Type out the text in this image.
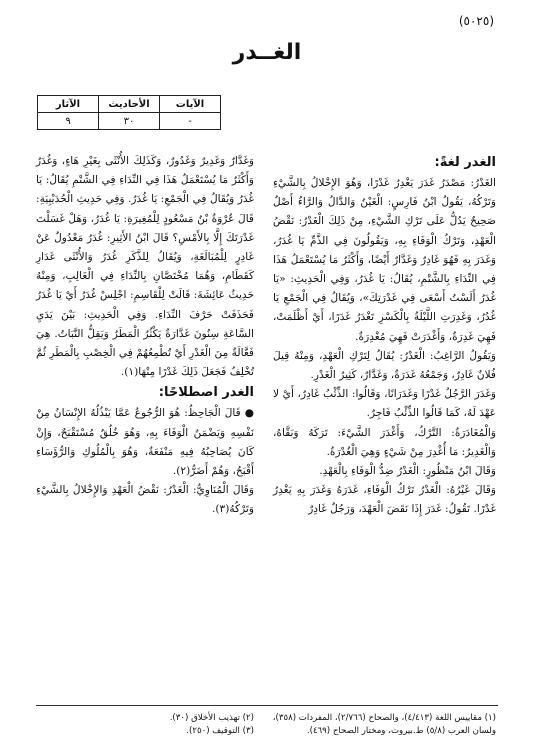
(٥٠٢٥)
الغــدر
الآيات	الأحاديث	الآثار
-	٣٠	٩
الغدر لغةً:

الغَدْرُ: مَصْدَرُ غَدَرَ يَغْدِرُ غَدْرًا، وَهُوَ الإِخْلالُ بِالشَّيْءِ وَتَرْكُهُ، يَقُولُ ابْنُ فَارِسٍ: الْغَيْنُ وَالدَّالُ وَالرَّاءُ أَصْلٌ صَحِيحٌ يَدُلُّ عَلَى تَرْكِ الشَّيْءِ، مِنْ ذَلِكَ الْغَدْرُ: نَقْضُ الْعَهْدِ، وَتَرْكُ الْوَفَاءِ بِهِ، وَيَقُولُونَ فِي الذَّمِّ يَا غُدَرُ، وَغَدَرَ بِهِ فَهُوَ غَادِرٌ وَغَدَّارٌ أَيْضًا، وَأَكْثَرُ مَا يُسْتَعْمَلُ هَذَا فِي النِّدَاءِ بِالشَّتْمِ، يُقَالُ: يَا غُدَرُ، وَفِي الْحَدِيثِ: «يَا غُدَرُ أَلَسْتُ أَسْعَى فِي غَدْرَتِكَ»، وَيُقَالُ فِي الْجَمْعِ يَا غُدُرُ، وَغَدِرَتِ اللَّيْلَةُ بِالْكَسْرِ تَغْدَرُ غَدَرًا، أَيْ أَظْلَمَتْ، فَهِيَ غَدِرَةٌ، وَأَغْدَرَتْ فَهِيَ مُغْدِرَةٌ.

وَيَقُولُ الرَّاغِبُ: الْغَدْرُ: يُقَالُ لِتَرْكِ الْعَهْدِ، وَمِنْهُ قِيلَ فُلانٌ غَادِرٌ، وَجَمْعُهُ غَدَرَةٌ، وَغَدَّارٌ، كَثِيرُ الْغَدْرِ.

وَغَدَرَ الرَّجُلُ غَدْرًا وَغَدَرَانًا، وَقَالُوا: الذِّئْبُ غَادِرٌ، أَيْ لا عَهْدَ لَهُ، كَمَا قَالُوا الذِّئْبُ فَاجِرٌ.

وَالْمُغَادَرَةُ: التَّرْكُ، وَأَغْدَرَ الشَّيْءَ: تَرَكَهُ وَبَقَّاهُ، وَالْغَدِيرُ: مَا أُغْدِرَ مِنْ شَيْءٍ وَهِيَ الْغُدْرَةُ.

وَقَالَ ابْنُ مَنْظُورٍ: الْغَدْرُ ضِدُّ الْوَفَاءِ بِالْعَهْدِ.

وَقَالَ غَيْرُهُ: الْغَدْرُ تَرْكُ الْوَفَاءِ، غَدَرَهُ وَغَدَرَ بِهِ يَغْدِرُ غَدْرًا. تَقُولُ: غَدَرَ إِذَا نَقَضَ الْعَهْدَ، وَرَجُلٌ غَادِرٌ

وَغَدَّارٌ وَغَدِيرٌ وَغَدُورٌ، وَكَذَلِكَ الأُنْثَى بِغَيْرِ هَاءٍ، وَغُدَرُ وَأَكْثَرُ مَا يُسْتَعْمَلُ هَذَا فِي النِّدَاءِ فِي الشَّتْمِ يُقَالُ: يَا غُدَرُ وَيُقَالُ فِي الْجَمْعِ: يَا غُدَرُ. وَفِي حَدِيثِ الْحُدَيْبِيَةِ: قَالَ عُرْوَةُ بْنُ مَسْعُودٍ لِلْمُغِيرَةِ: يَا غُدَرُ، وَهَلْ غَسَلْتَ غَدْرَتَكَ إِلَّا بِالأَمْسِ؟ قَالَ ابْنُ الأَثِيرِ: غُدَرُ مَعْدُولٌ عَنْ غَادِرٍ لِلْمُبَالَغَةِ، وَيُقَالُ لِلذَّكَرِ غُدَرُ وَالأُنْثَى غَدَارِ كَقَطَامِ، وَهُمَا مُخْتَصَّانِ بِالنِّدَاءِ فِي الْغَالِبِ، وَمِنْهُ حَدِيثُ عَائِشَةَ: قَالَتْ لِلْقَاسِمِ: اجْلِسْ غُدَرُ أَيْ يَا غُدَرُ فَحَذَفَتْ حَرْفَ النِّدَاءِ. وَفِي الْحَدِيثِ: بَيْنَ يَدَيِ السَّاعَةِ سِنُونَ غَدَّارَةٌ يَكْثُرُ الْمَطَرُ وَيَقِلُّ النَّبَاتُ. هِيَ فَعَّالَةٌ مِنَ الْغَدْرِ أَيْ تُطْمِعُهُمْ فِي الْخِصْبِ بِالْمَطَرِ ثُمَّ تُخْلِفُ فَجَعَلَ ذَلِكَ غَدْرًا مِنْهَا(١).

الغدر اصطلاحًا:

● قَالَ الْجَاحِظُ: هُوَ الرُّجُوعُ عَمَّا يَبْذُلُهُ الإِنْسَانُ مِنْ نَفْسِهِ وَيَضْمَنُ الْوَفَاءَ بِهِ، وَهُوَ خُلُقٌ مُسْتَقْبَحٌ، وَإِنْ كَانَ يُصَاحِبُهُ فِيهِ مَنْفَعَةٌ، وَهُوَ بِالْمُلُوكِ وَالرُّؤَسَاءِ أَقْبَحُ، وَهُمْ أَضَرُّ(٢).

وَقَالَ الْمُنَاوِيُّ: الْغَدْرُ: نَقْضُ الْعَهْدِ وَالإِخْلالُ بِالشَّيْءِ وَتَرْكُهُ(٣).

(١) مقاييس اللغة (٤/٤١٣)، والصحاح (٢/٧٦٦)، المفردات (٣٥٨)، ولسان العرب (٥/٨) ط.بيروت، ومختار الصحاح (٤٦٩).

(٢) تهذيب الأخلاق (٣٠).

(٣) التوقيف (٢٥٠).
